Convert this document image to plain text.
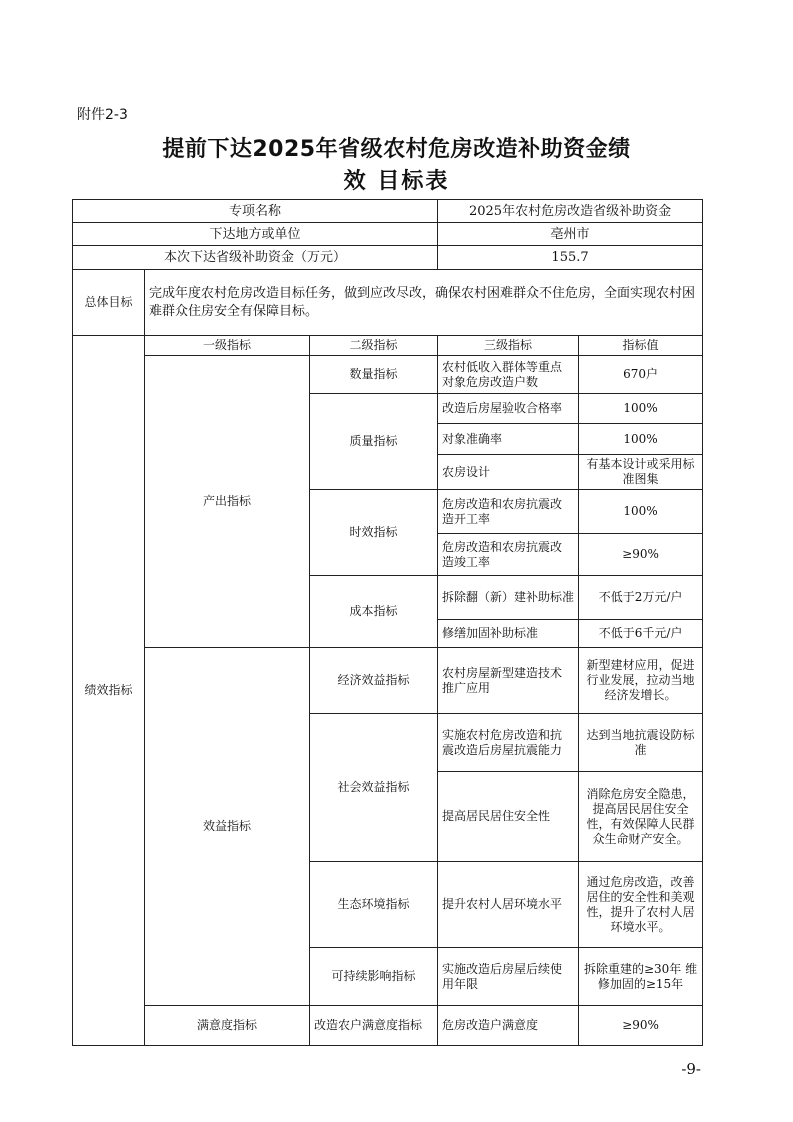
附件2-3
提前下达2025年省级农村危房改造补助资金绩
效 目标表
专项名称			2025年农村危房改造省级补助资金	
下达地方或单位			亳州市	
本次下达省级补助资金（万元）			155.7	
总体目标	完成年度农村危房改造目标任务，做到应改尽改，确保农村困难群众不住危房，全面实现农村困难群众住房安全有保障目标。			
绩效指标	一级指标	二级指标	三级指标	指标值
	产出指标	数量指标	农村低收入群体等重点 对象危房改造户数	670户
		质量指标	改造后房屋验收合格率	100%
			对象准确率	100%
			农房设计	有基本设计或采用标 准图集
		时效指标	危房改造和农房抗震改 造开工率	100%
			危房改造和农房抗震改 造竣工率	≥90%
		成本指标	拆除翻（新）建补助标准	不低于2万元/户
			修缮加固补助标准	不低于6千元/户
	效益指标	经济效益指标	农村房屋新型建造技术 推广应用	新型建材应用，促进行业发展，拉动当地经济发增长。
		社会效益指标	实施农村危房改造和抗 震改造后房屋抗震能力	达到当地抗震设防标 准
			提高居民居住安全性	消除危房安全隐患，提高居民居住安全 性，有效保障人民群 众生命财产安全。
		生态环境指标	提升农村人居环境水平	通过危房改造，改善居住的安全性和美观 性，提升了农村人居 环境水平。
		可持续影响指标	实施改造后房屋后续使 用年限	拆除重建的≥30年 维修加固的≥15年
	满意度指标	改造农户满意度指标	危房改造户满意度	≥90%
-9-
